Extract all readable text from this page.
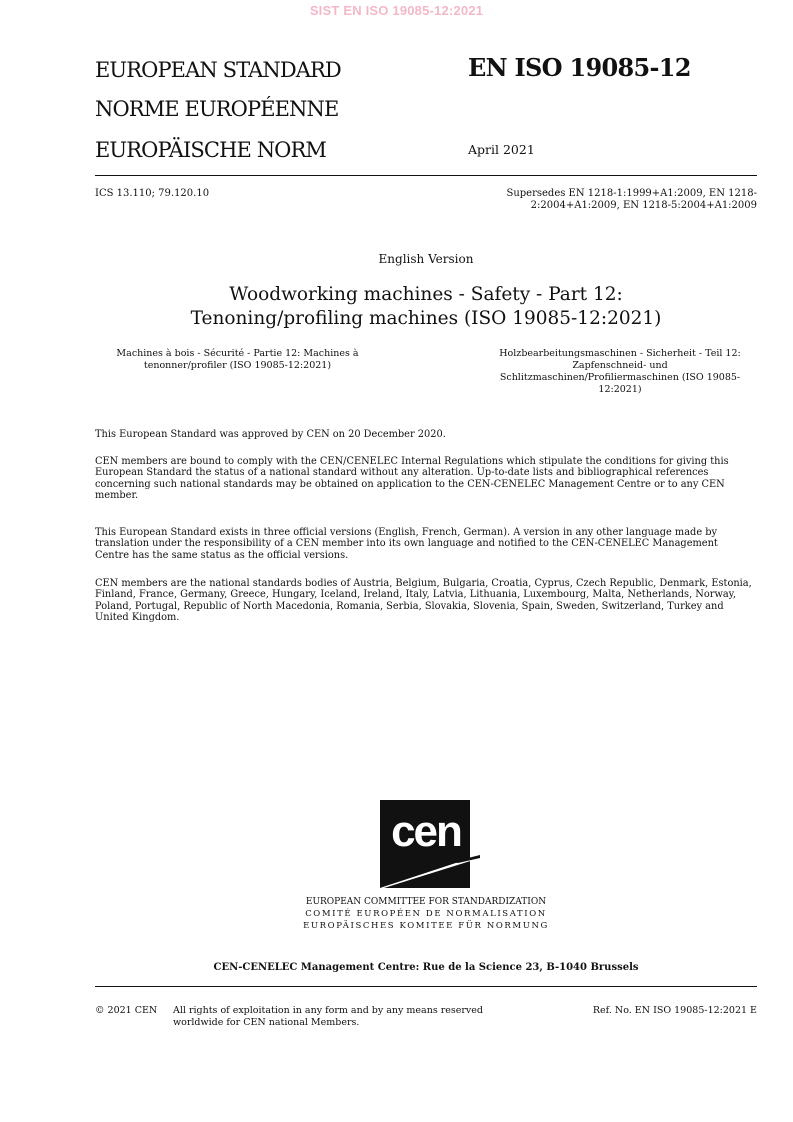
SIST EN ISO 19085-12:2021
EUROPEAN STANDARD
NORME EUROPÉENNE
EUROPÄISCHE NORM
EN ISO 19085-12
April 2021
ICS 13.110; 79.120.10	Supersedes EN 1218-1:1999+A1:2009, EN 1218-
2:2004+A1:2009, EN 1218-5:2004+A1:2009
English Version
Woodworking machines - Safety - Part 12:
Tenoning/profiling machines (ISO 19085-12:2021)
Machines à bois - Sécurité - Partie 12: Machines à
tenonner/profiler (ISO 19085-12:2021)
Holzbearbeitungsmaschinen - Sicherheit - Teil 12:
Zapfenschneid- und
Schlitzmaschinen/Profiliermaschinen (ISO 19085-
12:2021)
This European Standard was approved by CEN on 20 December 2020.
CEN members are bound to comply with the CEN/CENELEC Internal Regulations which stipulate the conditions for giving this
European Standard the status of a national standard without any alteration. Up-to-date lists and bibliographical references
concerning such national standards may be obtained on application to the CEN-CENELEC Management Centre or to any CEN
member.
This European Standard exists in three official versions (English, French, German). A version in any other language made by
translation under the responsibility of a CEN member into its own language and notified to the CEN-CENELEC Management
Centre has the same status as the official versions.
CEN members are the national standards bodies of Austria, Belgium, Bulgaria, Croatia, Cyprus, Czech Republic, Denmark, Estonia,
Finland, France, Germany, Greece, Hungary, Iceland, Ireland, Italy, Latvia, Lithuania, Luxembourg, Malta, Netherlands, Norway,
Poland, Portugal, Republic of North Macedonia, Romania, Serbia, Slovakia, Slovenia, Spain, Sweden, Switzerland, Turkey and
United Kingdom.
cen
EUROPEAN COMMITTEE FOR STANDARDIZATION
COMITÉ EUROPÉEN DE NORMALISATION
EUROPÄISCHES KOMITEE FÜR NORMUNG
CEN-CENELEC Management Centre: Rue de la Science 23, B-1040 Brussels
© 2021 CEN All rights of exploitation in any form and by any means reserved
worldwide for CEN national Members.
Ref. No. EN ISO 19085-12:2021 E
